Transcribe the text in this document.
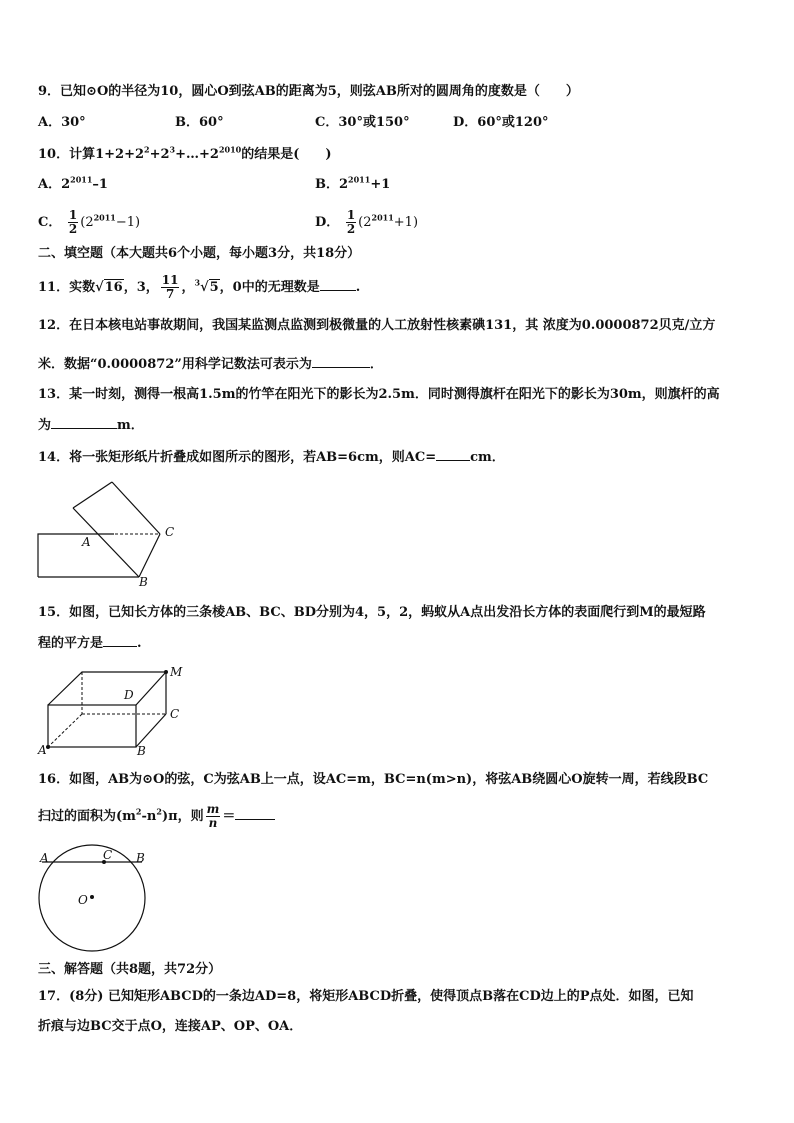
9．已知⊙O的半径为10，圆心O到弦AB的距离为5，则弦AB所对的圆周角的度数是（　　）
A．30°	B．60°	C．30°或150°	D．60°或120°
10．计算$1+2+2^2+2^3+\dots+2^{2010}$的结果是(　　)
A．$2^{2011}-1$	B．$2^{2011}+1$
C． $\frac{1}{2} (2^{2011}-1)$	D． $\frac{1}{2} (2^{2011}+1)$
二、填空题（本大题共6个小题，每小题3分，共18分）
11．实数√16，3， $\frac{11}{7}$ ，$^3$√5，0中的无理数是	.
12．在日本核电站事故期间，我国某监测点监测到极微量的人工放射性核素碘131，其 浓度为0.0000872贝克/立方
米．数据“0.0000872”用科学记数法可表示为	．
13．某一时刻，测得一根高1.5m的竹竿在阳光下的影长为2.5m．同时测得旗杆在阳光下的影长为30m，则旗杆的高
为	m．
14．将一张矩形纸片折叠成如图所示的图形，若AB=6cm，则AC=	cm．
A
B
C
15．如图，已知长方体的三条棱AB、BC、BD分别为4，5，2，蚂蚁从A点出发沿长方体的表面爬行到M的最短路
程的平方是	.
A	B
C
D
M
16．如图，AB为⊙O的弦，C为弦AB上一点，设AC=m，BC=n(m>n)，将弦AB绕圆心O旋转一周，若线段BC
扫过的面积为$(m^2-n^2)\pi$，则 $\frac{m}{n}$ ＝
A	B
C
O
三、解答题（共8题，共72分）
17．(8分) 已知矩形ABCD的一条边AD=8，将矩形ABCD折叠，使得顶点B落在CD边上的P点处．如图，已知
折痕与边BC交于点O，连接AP、OP、OA．
